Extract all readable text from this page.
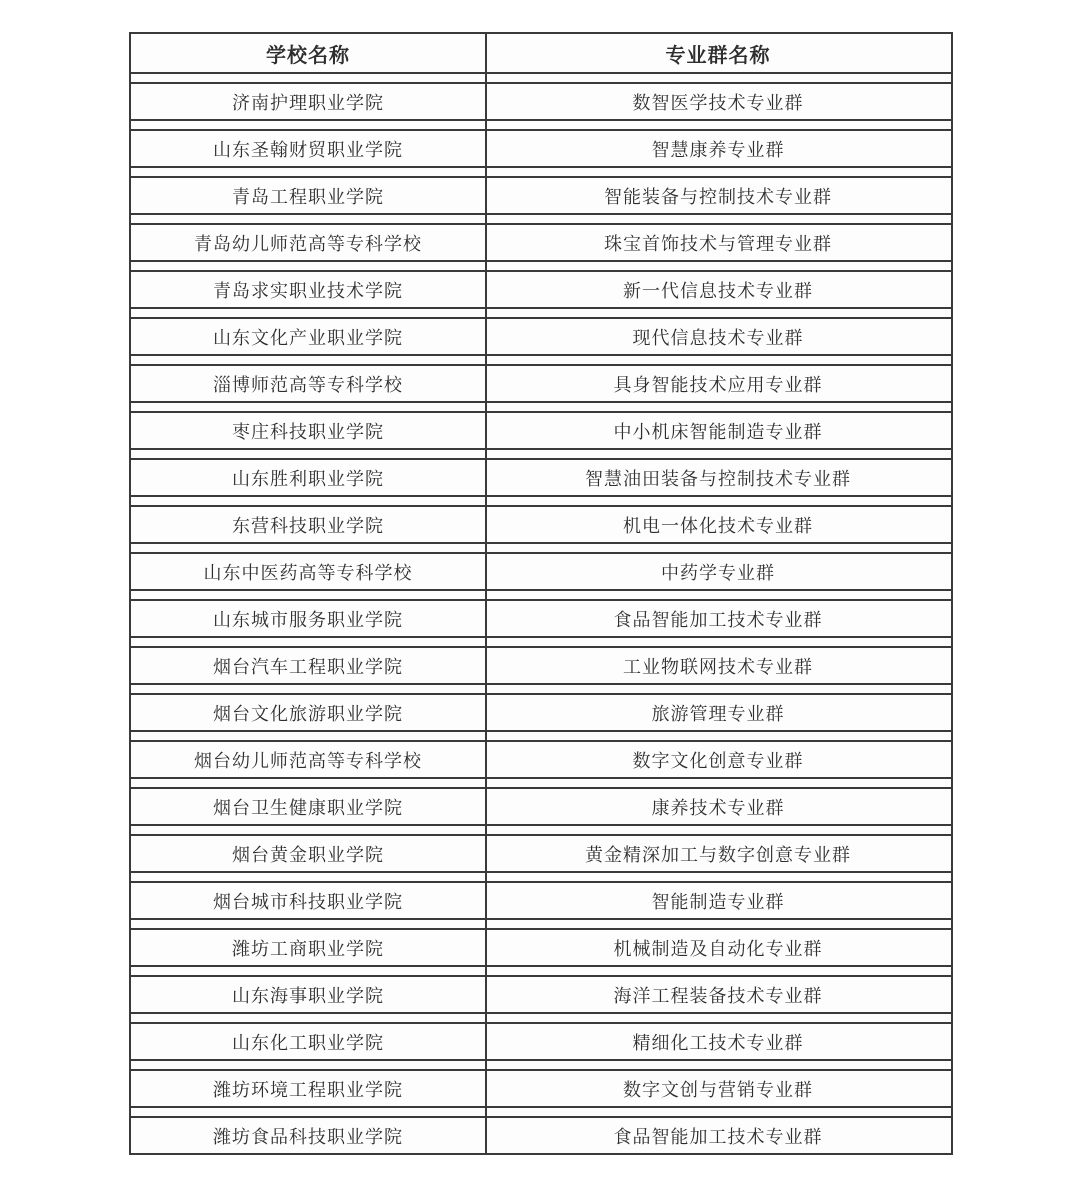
学校名称	专业群名称
济南护理职业学院	数智医学技术专业群
山东圣翰财贸职业学院	智慧康养专业群
青岛工程职业学院	智能装备与控制技术专业群
青岛幼儿师范高等专科学校	珠宝首饰技术与管理专业群
青岛求实职业技术学院	新一代信息技术专业群
山东文化产业职业学院	现代信息技术专业群
淄博师范高等专科学校	具身智能技术应用专业群
枣庄科技职业学院	中小机床智能制造专业群
山东胜利职业学院	智慧油田装备与控制技术专业群
东营科技职业学院	机电一体化技术专业群
山东中医药高等专科学校	中药学专业群
山东城市服务职业学院	食品智能加工技术专业群
烟台汽车工程职业学院	工业物联网技术专业群
烟台文化旅游职业学院	旅游管理专业群
烟台幼儿师范高等专科学校	数字文化创意专业群
烟台卫生健康职业学院	康养技术专业群
烟台黄金职业学院	黄金精深加工与数字创意专业群
烟台城市科技职业学院	智能制造专业群
潍坊工商职业学院	机械制造及自动化专业群
山东海事职业学院	海洋工程装备技术专业群
山东化工职业学院	精细化工技术专业群
潍坊环境工程职业学院	数字文创与营销专业群
潍坊食品科技职业学院	食品智能加工技术专业群
